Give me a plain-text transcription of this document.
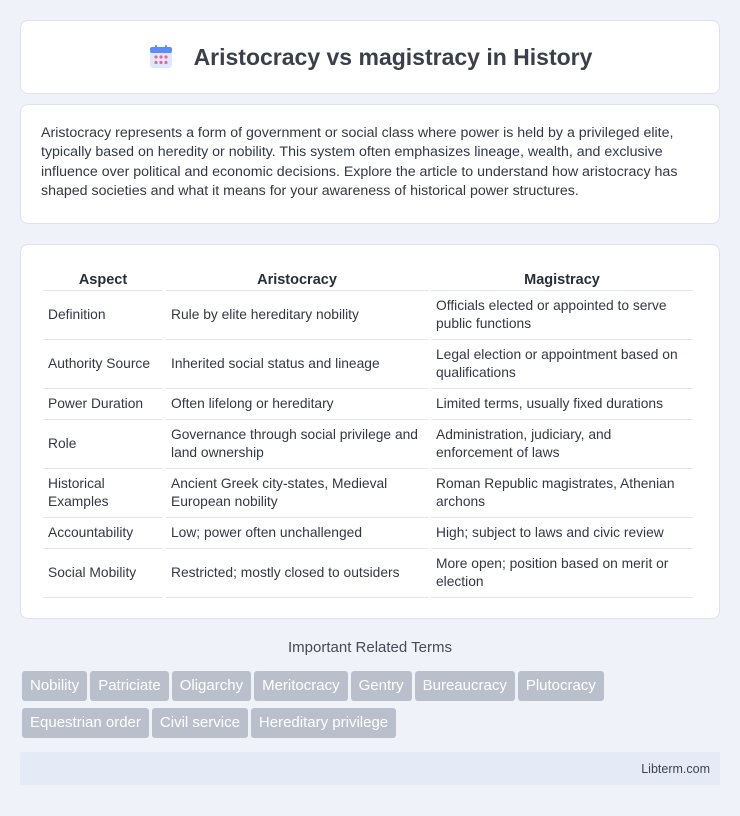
Aristocracy vs magistracy in History

Aristocracy represents a form of government or social class where power is held by a privileged elite, typically based on heredity or nobility. This system often emphasizes lineage, wealth, and exclusive influence over political and economic decisions. Explore the article to understand how aristocracy has shaped societies and what it means for your awareness of historical power structures.

Aspect	Aristocracy	Magistracy
Definition	Rule by elite hereditary nobility	Officials elected or appointed to serve public functions
Authority Source	Inherited social status and lineage	Legal election or appointment based on qualifications
Power Duration	Often lifelong or hereditary	Limited terms, usually fixed durations
Role	Governance through social privilege and land ownership	Administration, judiciary, and enforcement of laws
Historical Examples	Ancient Greek city-states, Medieval European nobility	Roman Republic magistrates, Athenian archons
Accountability	Low; power often unchallenged	High; subject to laws and civic review
Social Mobility	Restricted; mostly closed to outsiders	More open; position based on merit or election
Important Related Terms
Nobility Patriciate Oligarchy Meritocracy Gentry Bureaucracy Plutocracy
Equestrian order Civil service Hereditary privilege
Libterm.com
